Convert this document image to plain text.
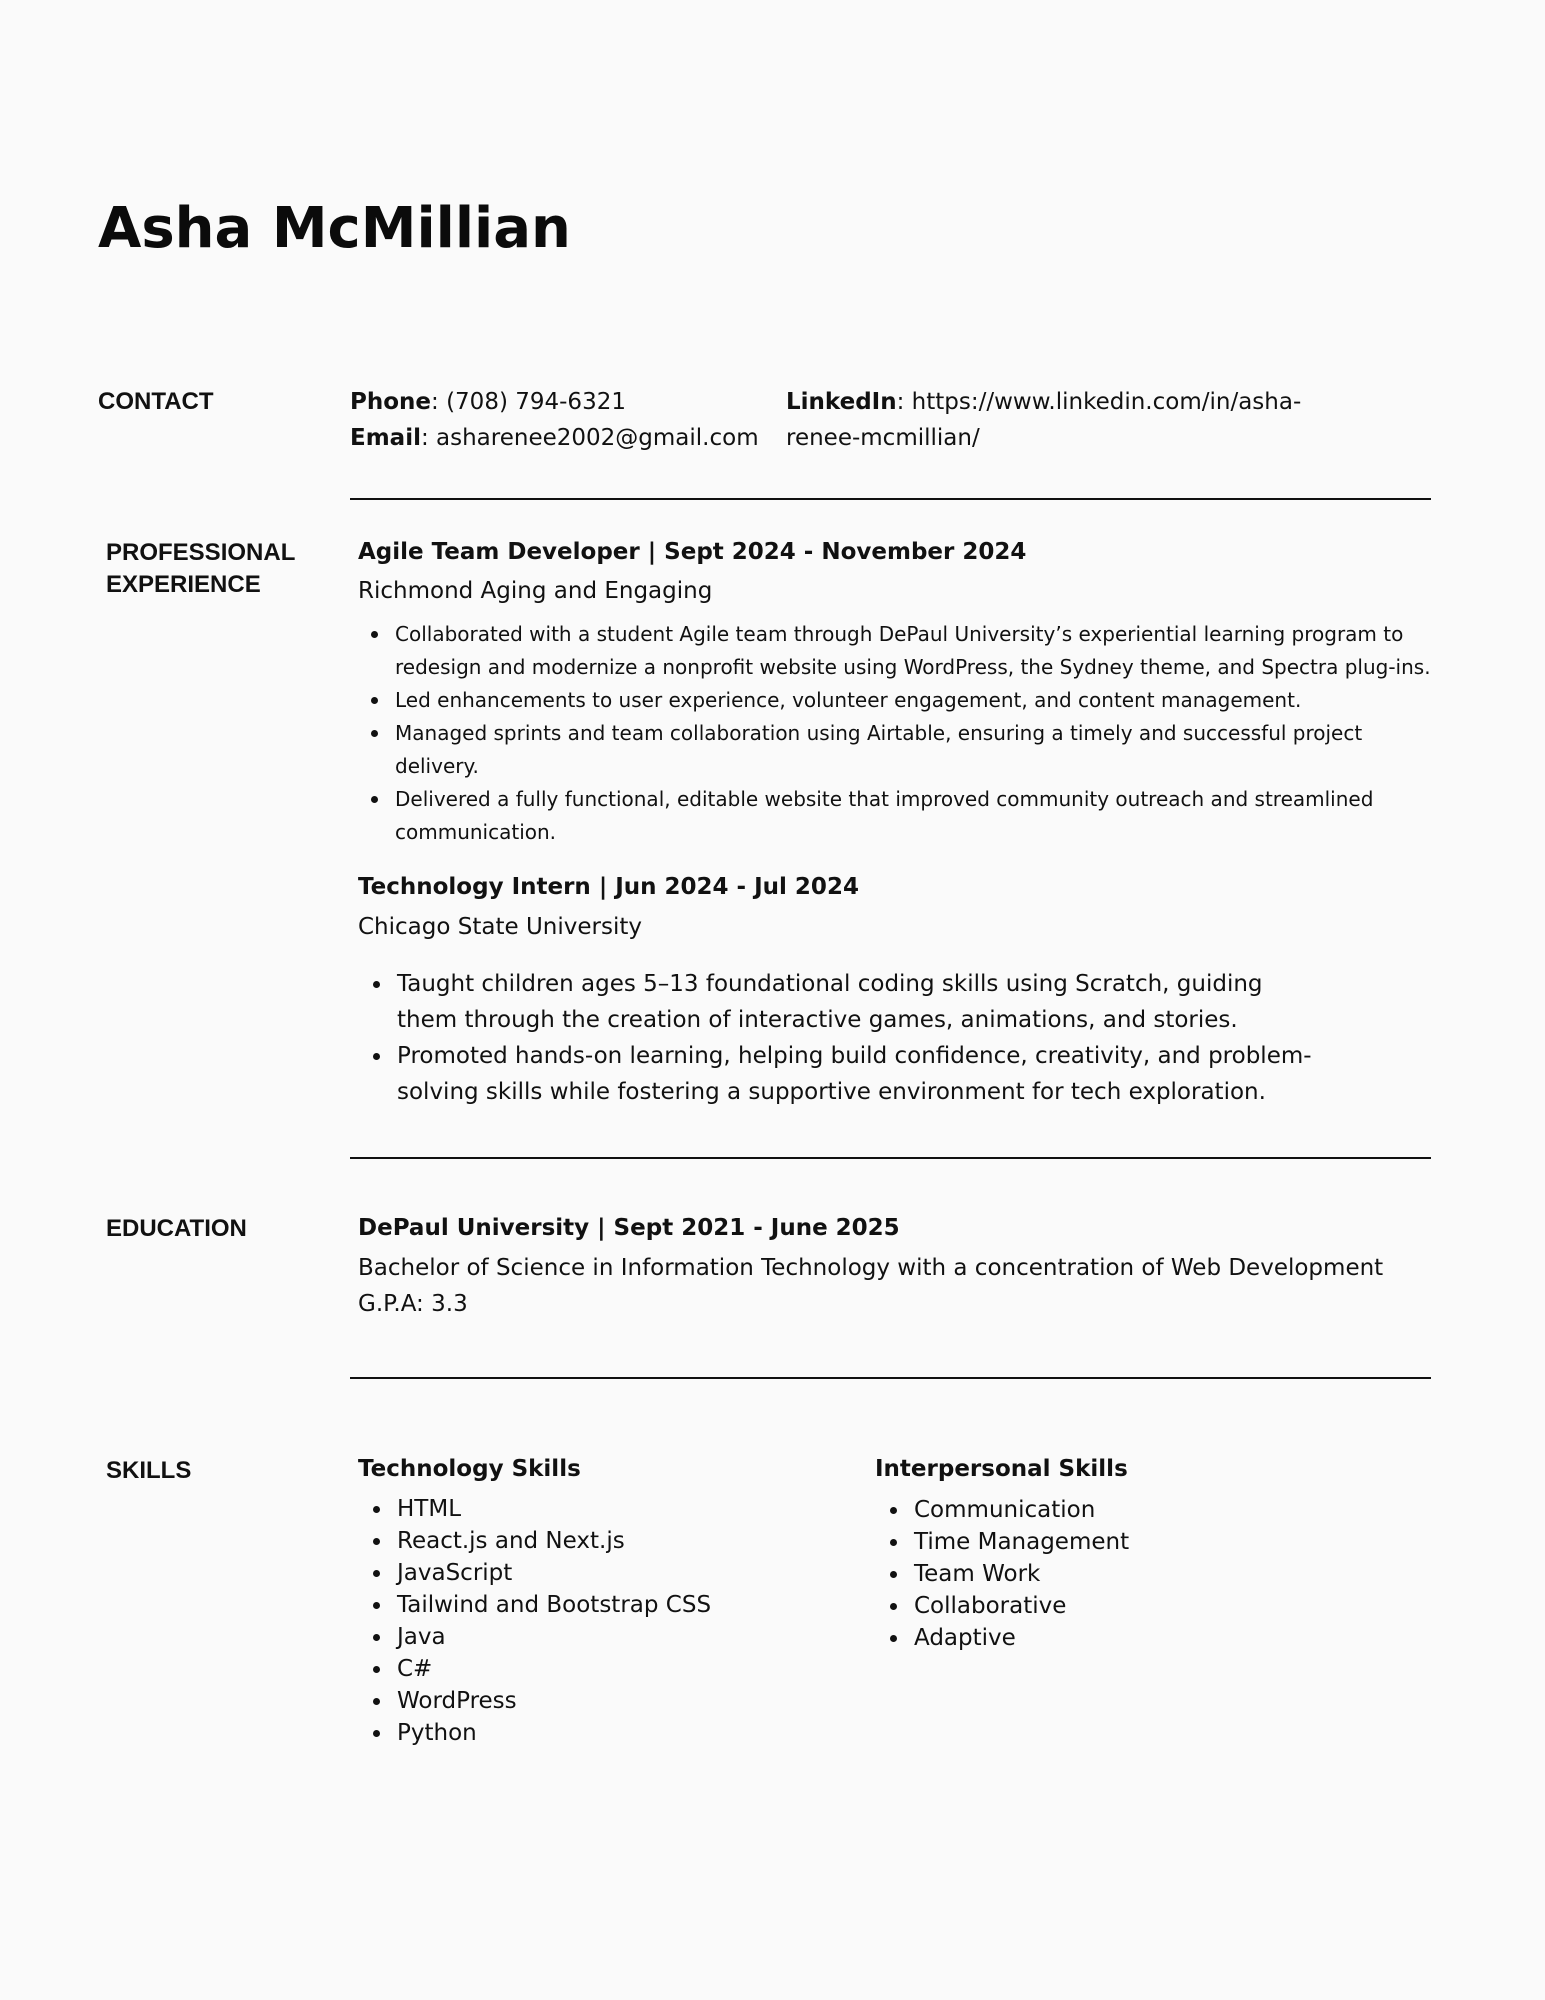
Asha McMillian
CONTACT	Phone: (708) 794-6321
Email: asharenee2002@gmail.com
LinkedIn: https://www.linkedin.com/in/asha-
renee-mcmillian/
PROFESSIONAL
EXPERIENCE
Agile Team Developer | Sept 2024 - November 2024
Richmond Aging and Engaging
Collaborated with a student Agile team through DePaul University’s experiential learning program to redesign and modernize a nonprofit website using WordPress, the Sydney theme, and Spectra plug-ins.
Led enhancements to user experience, volunteer engagement, and content management.
Managed sprints and team collaboration using Airtable, ensuring a timely and successful project delivery.
Delivered a fully functional, editable website that improved community outreach and streamlined communication.
Technology Intern | Jun 2024 - Jul 2024
Chicago State University
Taught children ages 5–13 foundational coding skills using Scratch, guiding them through the creation of interactive games, animations, and stories.
Promoted hands-on learning, helping build confidence, creativity, and problem-solving skills while fostering a supportive environment for tech exploration.
EDUCATION	DePaul University | Sept 2021 - June 2025
Bachelor of Science in Information Technology with a concentration of Web Development
G.P.A: 3.3
SKILLS	Technology Skills
HTML
React.js and Next.js
JavaScript
Tailwind and Bootstrap CSS
Java
C#
WordPress
Python
Interpersonal Skills
Communication
Time Management
Team Work
Collaborative
Adaptive
